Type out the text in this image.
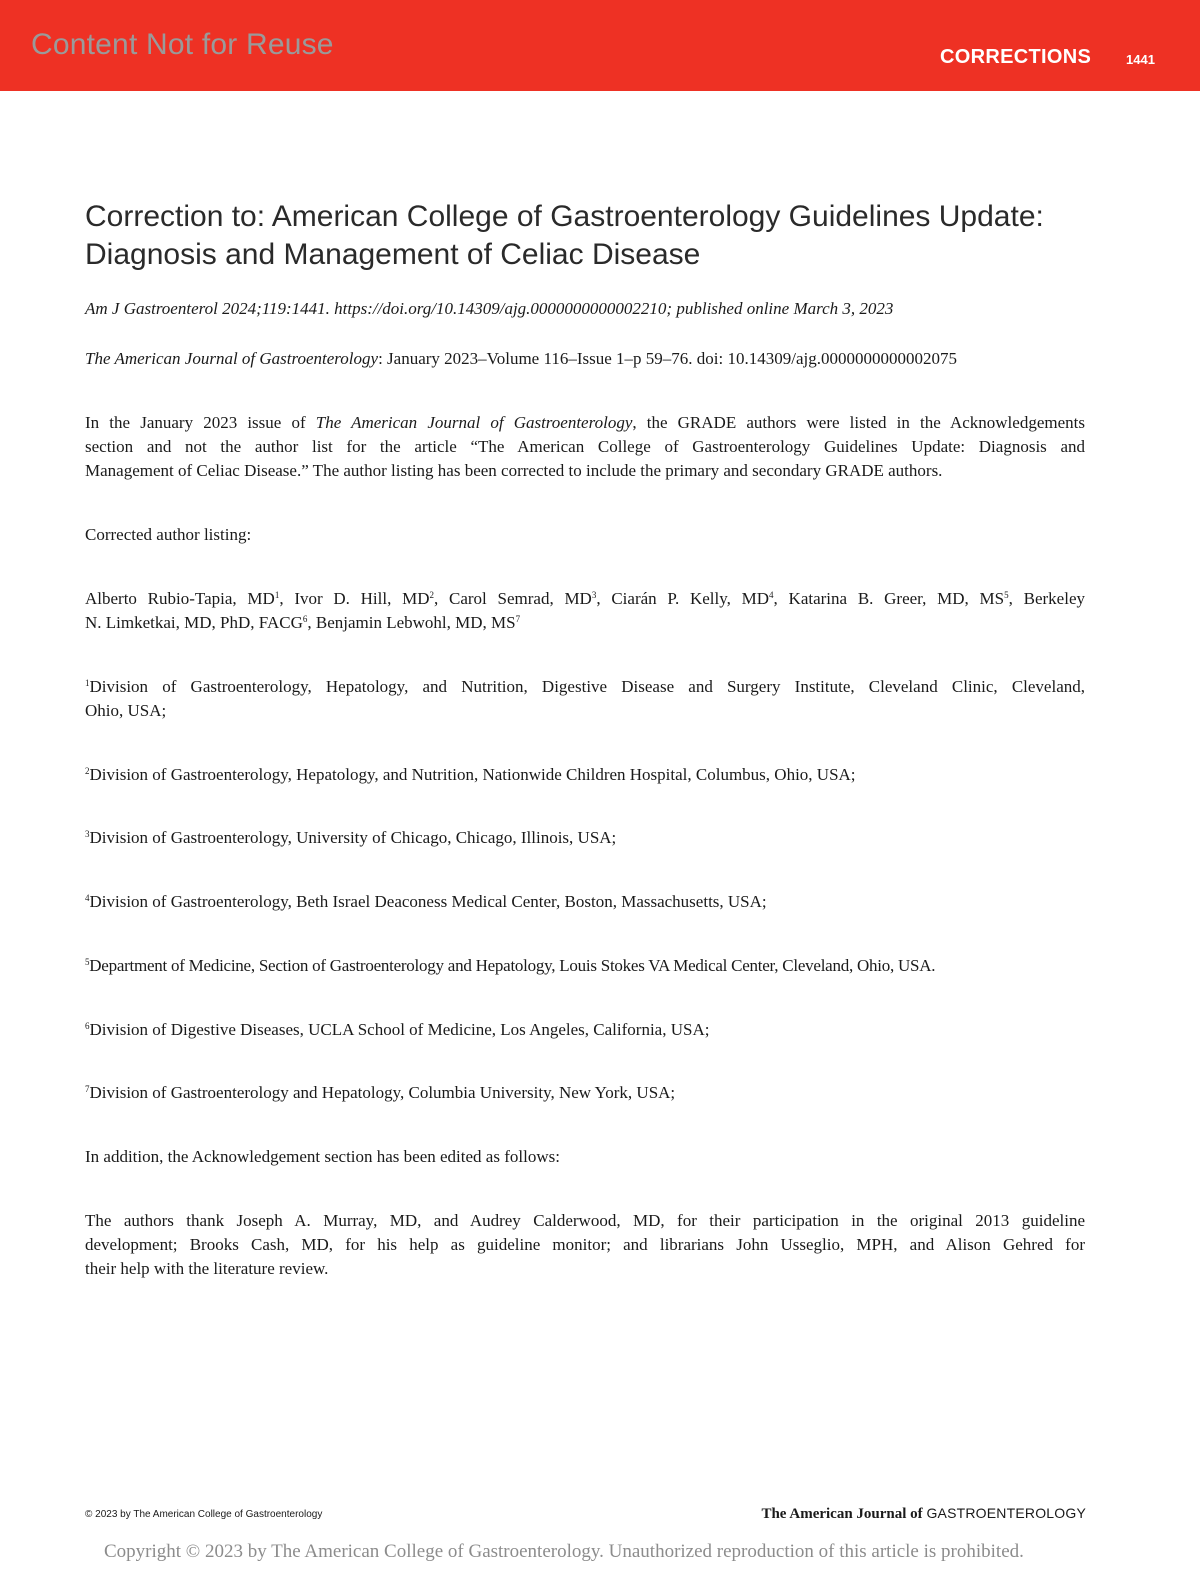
Content Not for Reuse	CORRECTIONS	1441
Correction to: American College of Gastroenterology Guidelines Update:
Diagnosis and Management of Celiac Disease
Am J Gastroenterol 2024;119:1441. https://doi.org/10.14309/ajg.0000000000002210; published online March 3, 2023
The American Journal of Gastroenterology: January 2023–Volume 116–Issue 1–p 59–76. doi: 10.14309/ajg.0000000000002075
In the January 2023 issue of The American Journal of Gastroenterology, the GRADE authors were listed in the Acknowledgements
section and not the author list for the article “The American College of Gastroenterology Guidelines Update: Diagnosis and
Management of Celiac Disease.” The author listing has been corrected to include the primary and secondary GRADE authors.
Corrected author listing:
Alberto Rubio-Tapia, $MD^1$, Ivor D. Hill, $MD^2$, Carol Semrad, $MD^3$, Ciarán P. Kelly, $MD^4$, Katarina B. Greer, MD, $MS^5$, Berkeley
N. Limketkai, MD, PhD, FACG$^6$, Benjamin Lebwohl, MD, $MS^7$
$^1$Division of Gastroenterology, Hepatology, and Nutrition, Digestive Disease and Surgery Institute, Cleveland Clinic, Cleveland,
Ohio, USA;
$^2$Division of Gastroenterology, Hepatology, and Nutrition, Nationwide Children Hospital, Columbus, Ohio, USA;
$^3$Division of Gastroenterology, University of Chicago, Chicago, Illinois, USA;
$^4$Division of Gastroenterology, Beth Israel Deaconess Medical Center, Boston, Massachusetts, USA;
$^5$Department of Medicine, Section of Gastroenterology and Hepatology, Louis Stokes VA Medical Center, Cleveland, Ohio, USA.
$^6$Division of Digestive Diseases, UCLA School of Medicine, Los Angeles, California, USA;
$^7$Division of Gastroenterology and Hepatology, Columbia University, New York, USA;
In addition, the Acknowledgement section has been edited as follows:
The authors thank Joseph A. Murray, MD, and Audrey Calderwood, MD, for their participation in the original 2013 guideline
development; Brooks Cash, MD, for his help as guideline monitor; and librarians John Usseglio, MPH, and Alison Gehred for
their help with the literature review.
© 2023 by The American College of Gastroenterology	The American Journal of GASTROENTEROLOGY
Copyright © 2023 by The American College of Gastroenterology. Unauthorized reproduction of this article is prohibited.
